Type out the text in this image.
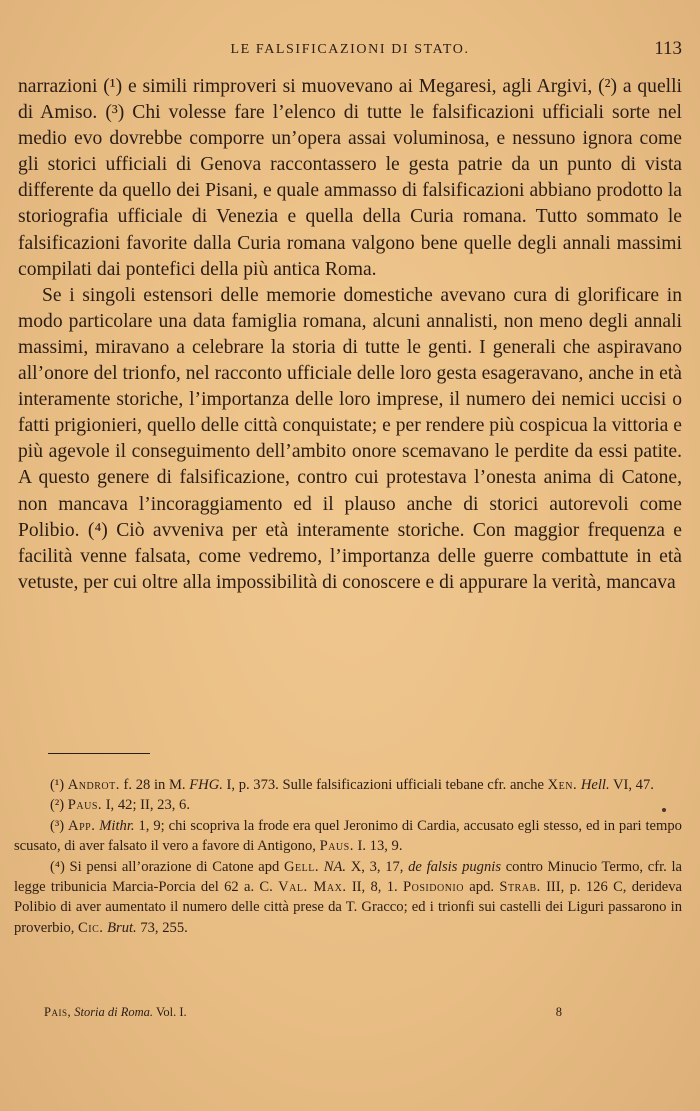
LE FALSIFICAZIONI DI STATO.	113

narrazioni (¹) e simili rimproveri si muovevano ai Megaresi, agli Argivi, (²) a quelli di Amiso. (³) Chi volesse fare l’elenco di tutte le falsificazioni ufficiali sorte nel medio evo dovrebbe comporre un’opera assai voluminosa, e nessuno ignora come gli storici ufficiali di Genova raccontassero le gesta patrie da un punto di vista differente da quello dei Pisani, e quale ammasso di falsificazioni abbiano prodotto la storiografia ufficiale di Venezia e quella della Curia romana. Tutto sommato le falsificazioni favorite dalla Curia romana valgono bene quelle degli annali massimi compilati dai pontefici della più antica Roma.

Se i singoli estensori delle memorie domestiche avevano cura di glorificare in modo particolare una data famiglia romana, alcuni annalisti, non meno degli annali massimi, miravano a celebrare la storia di tutte le genti. I generali che aspiravano all’onore del trionfo, nel racconto ufficiale delle loro gesta esageravano, anche in età interamente storiche, l’importanza delle loro imprese, il numero dei nemici uccisi o fatti prigionieri, quello delle città conquistate; e per rendere più cospicua la vittoria e più agevole il conseguimento dell’ambito onore scemavano le perdite da essi patite. A questo genere di falsificazione, contro cui protestava l’onesta anima di Catone, non mancava l’incoraggiamento ed il plauso anche di storici autorevoli come Polibio. (⁴) Ciò avveniva per età interamente storiche. Con maggior frequenza e facilità venne falsata, come vedremo, l’importanza delle guerre combattute in età vetuste, per cui oltre alla impossibilità di conoscere e di appurare la verità, mancava

(¹) Androt. f. 28 in M. FHG. I, p. 373. Sulle falsificazioni ufficiali tebane cfr. anche Xen. Hell. VI, 47.

(²) Paus. I, 42; II, 23, 6.

(³) App. Mithr. 1, 9; chi scopriva la frode era quel Jeronimo di Cardia, accusato egli stesso, ed in pari tempo scusato, di aver falsato il vero a favore di Antigono, Paus. I. 13, 9.

(⁴) Si pensi all’orazione di Catone apd Gell. NA. X, 3, 17, de falsis pugnis contro Minucio Termo, cfr. la legge tribunicia Marcia-Porcia del 62 a. C. Val. Max. II, 8, 1. Posidonio apd. Strab. III, p. 126 C, derideva Polibio di aver aumentato il numero delle città prese da T. Gracco; ed i trionfi sui castelli dei Liguri passarono in proverbio, Cic. Brut. 73, 255.

Pais, Storia di Roma. Vol. I.	8
